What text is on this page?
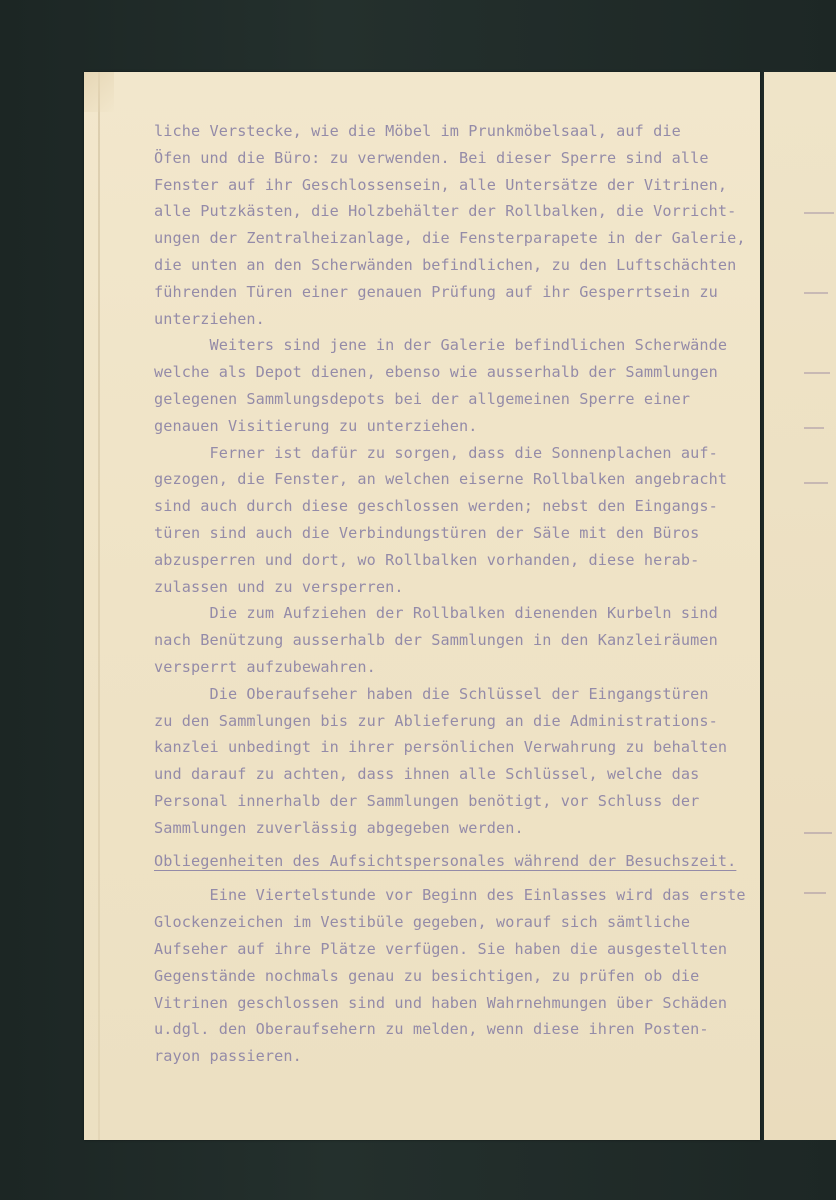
liche Verstecke, wie die Möbel im Prunkmöbelsaal, auf die
Öfen und die Büro: zu verwenden. Bei dieser Sperre sind alle
Fenster auf ihr Geschlossensein, alle Untersätze der Vitrinen,
alle Putzkästen, die Holzbehälter der Rollbalken, die Vorricht-
ungen der Zentralheizanlage, die Fensterparapete in der Galerie,
die unten an den Scherwänden befindlichen, zu den Luftschächten
führenden Türen einer genauen Prüfung auf ihr Gesperrtsein zu
unterziehen.
Weiters sind jene in der Galerie befindlichen Scherwände
welche als Depot dienen, ebenso wie ausserhalb der Sammlungen
gelegenen Sammlungsdepots bei der allgemeinen Sperre einer
genauen Visitierung zu unterziehen.
Ferner ist dafür zu sorgen, dass die Sonnenplachen auf-
gezogen, die Fenster, an welchen eiserne Rollbalken angebracht
sind auch durch diese geschlossen werden; nebst den Eingangs-
türen sind auch die Verbindungstüren der Säle mit den Büros
abzusperren und dort, wo Rollbalken vorhanden, diese herab-
zulassen und zu versperren.
Die zum Aufziehen der Rollbalken dienenden Kurbeln sind
nach Benützung ausserhalb der Sammlungen in den Kanzleiräumen
versperrt aufzubewahren.
Die Oberaufseher haben die Schlüssel der Eingangstüren
zu den Sammlungen bis zur Ablieferung an die Administrations-
kanzlei unbedingt in ihrer persönlichen Verwahrung zu behalten
und darauf zu achten, dass ihnen alle Schlüssel, welche das
Personal innerhalb der Sammlungen benötigt, vor Schluss der
Sammlungen zuverlässig abgegeben werden.
Obliegenheiten des Aufsichtspersonales während der Besuchszeit.
Eine Viertelstunde vor Beginn des Einlasses wird das erste
Glockenzeichen im Vestibüle gegeben, worauf sich sämtliche
Aufseher auf ihre Plätze verfügen. Sie haben die ausgestellten
Gegenstände nochmals genau zu besichtigen, zu prüfen ob die
Vitrinen geschlossen sind und haben Wahrnehmungen über Schäden
u.dgl. den Oberaufsehern zu melden, wenn diese ihren Posten-
rayon passieren.
